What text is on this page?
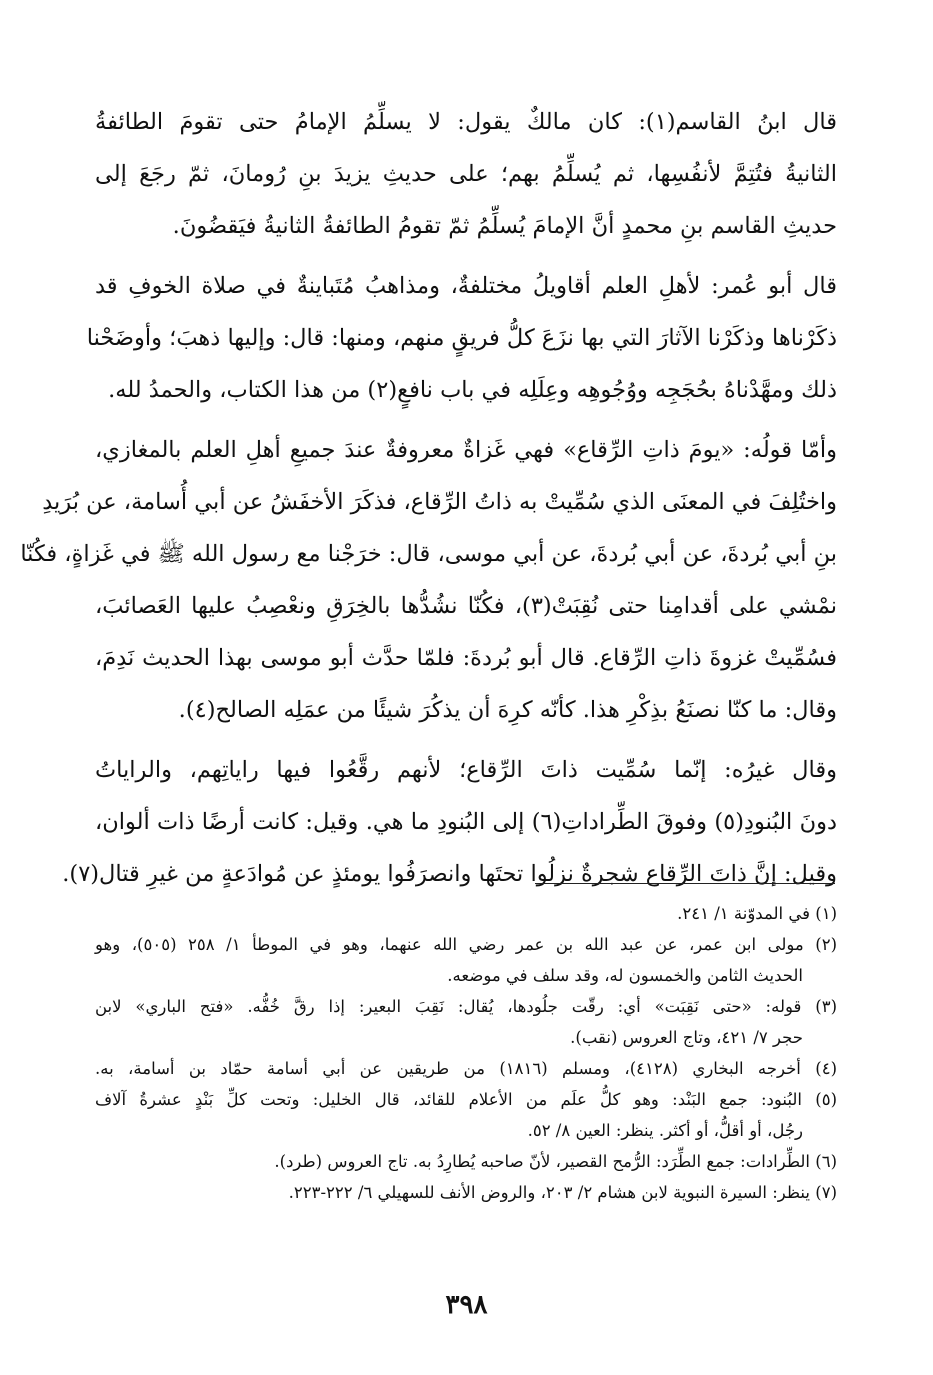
قال ابنُ القاسم(١): كان مالكٌ يقول: لا يسلِّمُ الإمامُ حتى تقومَ الطائفةُ
الثانيةُ فتُتِمَّ لأنفُسِها، ثم يُسلِّمُ بهم؛ على حديثِ يزيدَ بنِ رُومانَ، ثمّ رجَعَ إلى
حديثِ القاسم بنِ محمدٍ أنَّ الإمامَ يُسلِّمُ ثمّ تقومُ الطائفةُ الثانيةُ فيَقضُونَ.
قال أبو عُمر: لأهلِ العلم أقاويلُ مختلفةٌ، ومذاهبُ مُتَباينةٌ في صلاة الخوفِ قد
ذكَرْناها وذكَرْنا الآثارَ التي بها نزَعَ كلُّ فريقٍ منهم، ومنها: قال: وإليها ذهبَ؛ وأوضَحْنا
ذلك ومهَّدْناهُ بحُجَجِه ووُجُوهِه وعِلَلِه في باب نافعٍ(٢) من هذا الكتاب، والحمدُ لله.
وأمّا قولُه: «يومَ ذاتِ الرِّقاع» فهي غَزاةٌ معروفةٌ عندَ جميعِ أهلِ العلم بالمغازي،
واختُلِفَ في المعنَى الذي سُمِّيتْ به ذاتُ الرِّقاع، فذكَرَ الأخفَشُ عن أبي أُسامة، عن بُرَيدِ
بنِ أبي بُردةَ، عن أبي بُردةَ، عن أبي موسى، قال: خرَجْنا مع رسول الله ﷺ في غَزاةٍ، فكُنّا
نمْشي على أقدامِنا حتى نُقِبَتْ(٣)، فكُنّا نشُدُّها بالخِرَقِ ونعْصِبُ عليها العَصائبَ،
فسُمِّيتْ غزوةَ ذاتِ الرِّقاع. قال أبو بُردةَ: فلمّا حدَّث أبو موسى بهذا الحديث نَدِمَ،
وقال: ما كنّا نصنَعُ بذِكْرِ هذا. كأنّه كرِهَ أن يذكُرَ شيئًا من عمَلِه الصالح(٤).
وقال غيرُه: إنّما سُمِّيت ذاتَ الرِّقاع؛ لأنهم رقَّعُوا فيها راياتِهم، والراياتُ
دونَ البُنودِ(٥) وفوقَ الطِّراداتِ(٦) إلى البُنودِ ما هي. وقيل: كانت أرضًا ذات ألوان،
وقيل: إنَّ ذاتَ الرِّقاع شجرةٌ نزلُوا تحتَها وانصرَفُوا يومئذٍ عن مُوادَعةٍ من غيرِ قتال(٧).
(١) في المدوّنة ١/ ٢٤١.
(٢) مولى ابن عمر، عن عبد الله بن عمر رضي الله عنهما، وهو في الموطأ ١/ ٢٥٨ (٥٠٥)، وهو
الحديث الثامن والخمسون له، وقد سلف في موضعه.
(٣) قوله: «حتى نَقِبَت» أي: رقّت جلُودها، يُقال: نَقِبَ البعير: إذا رقَّ خُفُّه. «فتح الباري» لابن
حجر ٧/ ٤٢١، وتاج العروس (نقب).
(٤) أخرجه البخاري (٤١٢٨)، ومسلم (١٨١٦) من طريقين عن أبي أسامة حمّاد بن أسامة، به.
(٥) البُنود: جمع البَنْد: وهو كلُّ علَم من الأعلام للقائد، قال الخليل: وتحت كلِّ بَنْدٍ عشرةُ آلاف
رجُل، أو أقلُّ، أو أكثر. ينظر: العين ٨/ ٥٢.
(٦) الطِّرادات: جمع الطِّرَد: الرُّمح القصير، لأنّ صاحبه يُطارِدُ به. تاج العروس (طرد).
(٧) ينظر: السيرة النبوية لابن هشام ٢/ ٢٠٣، والروض الأنف للسهيلي ٦/ ٢٢٢-٢٢٣.
٣٩٨
